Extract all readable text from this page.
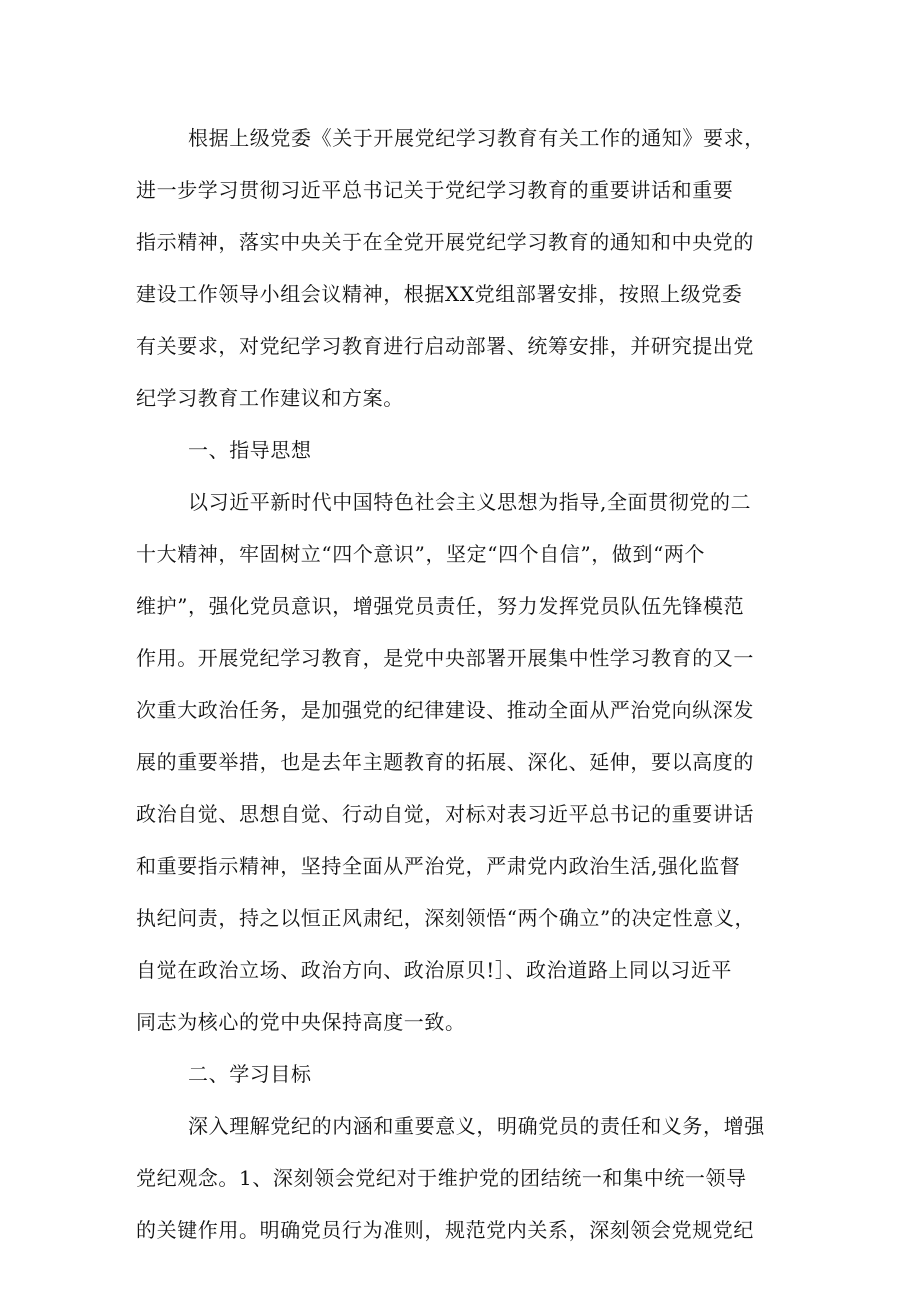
根据上级党委《关于开展党纪学习教育有关工作的通知》要求，
进一步学习贯彻习近平总书记关于党纪学习教育的重要讲话和重要
指示精神，落实中央关于在全党开展党纪学习教育的通知和中央党的
建设工作领导小组会议精神，根据XX党组部署安排，按照上级党委
有关要求，对党纪学习教育进行启动部署、统筹安排，并研究提出党
纪学习教育工作建议和方案。
一、指导思想
以习近平新时代中国特色社会主义思想为指导,全面贯彻党的二
十大精神，牢固树立“四个意识”，坚定“四个自信”，做到“两个
维护”，强化党员意识，增强党员责任，努力发挥党员队伍先锋模范
作用。开展党纪学习教育，是党中央部署开展集中性学习教育的又一
次重大政治任务，是加强党的纪律建设、推动全面从严治党向纵深发
展的重要举措，也是去年主题教育的拓展、深化、延伸，要以高度的
政治自觉、思想自觉、行动自觉，对标对表习近平总书记的重要讲话
和重要指示精神，坚持全面从严治党，严肃党内政治生活,强化监督
执纪问责，持之以恒正风肃纪，深刻领悟“两个确立”的决定性意义，
自觉在政治立场、政治方向、政治原贝!］、政治道路上同以习近平
同志为核心的党中央保持高度一致。
二、学习目标
深入理解党纪的内涵和重要意义，明确党员的责任和义务，增强
党纪观念。1、深刻领会党纪对于维护党的团结统一和集中统一领导
的关键作用。明确党员行为准则，规范党内关系，深刻领会党规党纪
